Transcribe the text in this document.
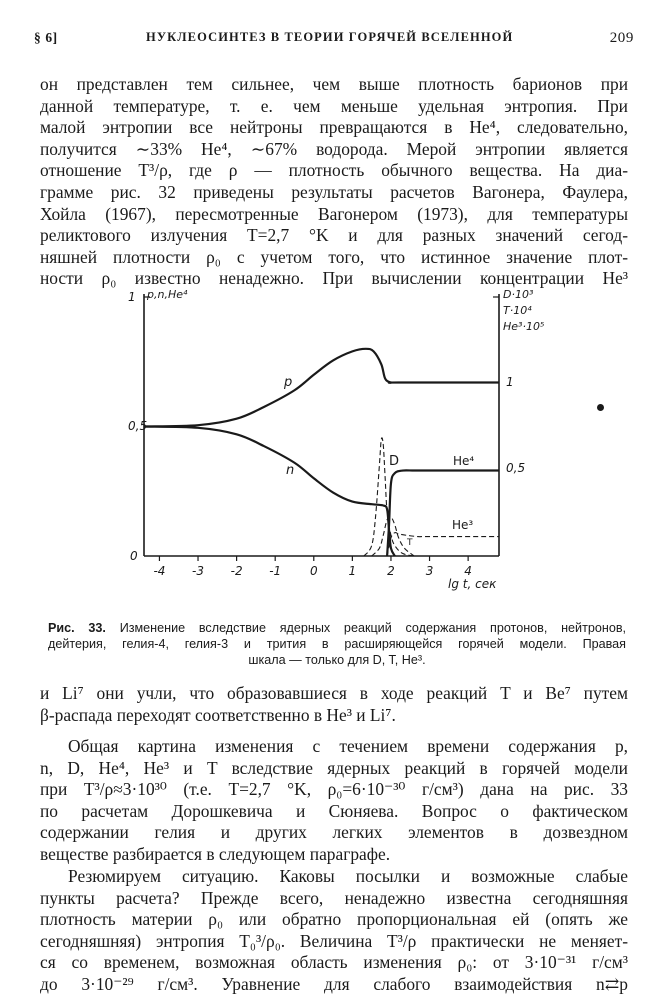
§ 6]	НУКЛЕОСИНТЕЗ В ТЕОРИИ ГОРЯЧЕЙ ВСЕЛЕННОЙ	209

он представлен тем сильнее, чем выше плотность барионов при
данной температуре, т. е. чем меньше удельная энтропия. При
малой энтропии все нейтроны превращаются в He⁴, следовательно,
получится ∼33% He⁴, ∼67% водорода. Мерой энтропии является
отношение T³/ρ, где ρ — плотность обычного вещества. На диа-
грамме рис. 32 приведены результаты расчетов Вагонера, Фаулера,
Хойла (1967), пересмотренные Вагонером (1973), для температуры
реликтового излучения T=2,7 °K и для разных значений сегод-
няшней плотности ρ₀ с учетом того, что истинное значение плот-
ности ρ₀ известно ненадежно. При вычислении концентрации He³

1 p,n,He⁴
0,5
0
D·10³
T·10⁴
He³·10⁵
1
0,5
-4 -3 -2 -1 0	1	2	3	4
lg t, сек
p
n
D	He⁴
He³
T
Рис. 33. Изменение вследствие ядерных реакций содержания протонов, нейтронов,
дейтерия, гелия-4, гелия-3 и трития в расширяющейся горячей модели. Правая
шкала — только для D, T, He³.

и Li⁷ они учли, что образовавшиеся в ходе реакций T и Be⁷ путем
β-распада переходят соответственно в He³ и Li⁷.

Общая картина изменения с течением времени содержания p,
n, D, He⁴, He³ и T вследствие ядерных реакций в горячей модели
при T³/ρ≈3·10³⁰ (т.е. T=2,7 °K, ρ₀=6·10⁻³⁰ г/см³) дана на рис. 33
по расчетам Дорошкевича и Сюняева. Вопрос о фактическом
содержании гелия и других легких элементов в дозвездном
веществе разбирается в следующем параграфе.

Резюмируем ситуацию. Каковы посылки и возможные слабые
пункты расчета? Прежде всего, ненадежно известна сегодняшняя
плотность материи ρ₀ или обратно пропорциональная ей (опять же
сегодняшняя) энтропия T₀³/ρ₀. Величина T³/ρ практически не меняет-
ся со временем, возможная область изменения ρ₀: от 3·10⁻³¹ г/см³
до 3·10⁻²⁹ г/см³. Уравнение для слабого взаимодействия n⇄p
